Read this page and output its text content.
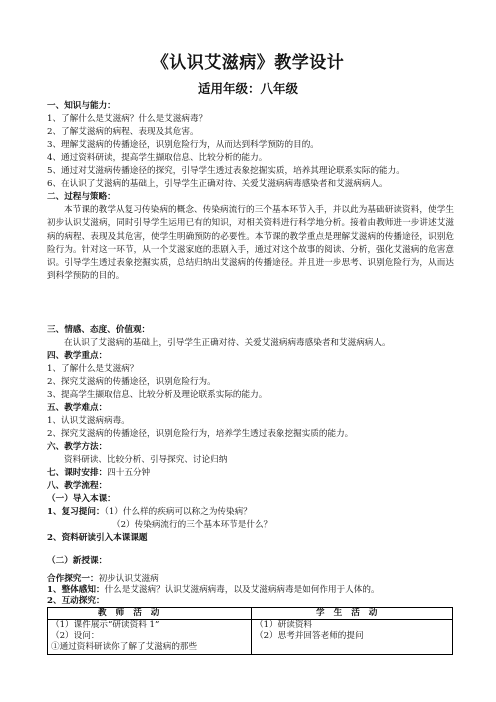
《认识艾滋病》教学设计
适用年级：八年级
一、知识与能力：
1、了解什么是艾滋病？什么是艾滋病毒？
2、了解艾滋病的病程、表现及其危害。
3、理解艾滋病的传播途径，识别危险行为，从而达到科学预防的目的。
4、通过资料研读，提高学生撷取信息、比较分析的能力。
5、通过对艾滋病传播途径的探究，引导学生透过表象挖掘实质，培养其理论联系实际的能力。
6、在认识了艾滋病的基础上，引导学生正确对待、关爱艾滋病病毒感染者和艾滋病病人。
二、过程与策略：
本节课的教学从复习传染病的概念、传染病流行的三个基本环节入手，并以此为基础研读资料，使学生初步认识艾滋病，同时引导学生运用已有的知识，对相关资料进行科学地分析。接着由教师进一步讲述艾滋病的病程、表现及其危害，使学生明确预防的必要性。本节课的教学重点是理解艾滋病的传播途径，识别危险行为。针对这一环节，从一个艾滋家庭的悲剧入手，通过对这个故事的阅读、分析，强化艾滋病的危害意识。引导学生透过表象挖掘实质，总结归纳出艾滋病的传播途径。并且进一步思考、识别危险行为，从而达到科学预防的目的。
三、情感、态度、价值观：
在认识了艾滋病的基础上，引导学生正确对待、关爱艾滋病病毒感染者和艾滋病病人。
四、教学重点：
1、了解什么是艾滋病？
2、探究艾滋病的传播途径，识别危险行为。
3、提高学生撷取信息、比较分析及理论联系实际的能力。
五、教学难点：
1、认识艾滋病病毒。
2、探究艾滋病的传播途径，识别危险行为，培养学生透过表象挖掘实质的能力。
六、教学方法：
资料研读、比较分析、引导探究、讨论归纳
七、课时安排：四十五分钟
八、教学流程：
（一）导入本课：
1、复习提问：（1）什么样的疾病可以称之为传染病？
（2）传染病流行的三个基本环节是什么？
2、资料研读引入本课课题
（二）新授课：
合作探究一：初步认识艾滋病
1、整体感知：什么是艾滋病？认识艾滋病病毒，以及艾滋病病毒是如何作用于人体的。
教师活动	学生活动
（1）课件展示“研读资料 1”
（2）设问：
①通过资料研读你了解了艾滋病的那些
（1）研读资料
（2）思考并回答老师的提问
2、互动探究：
